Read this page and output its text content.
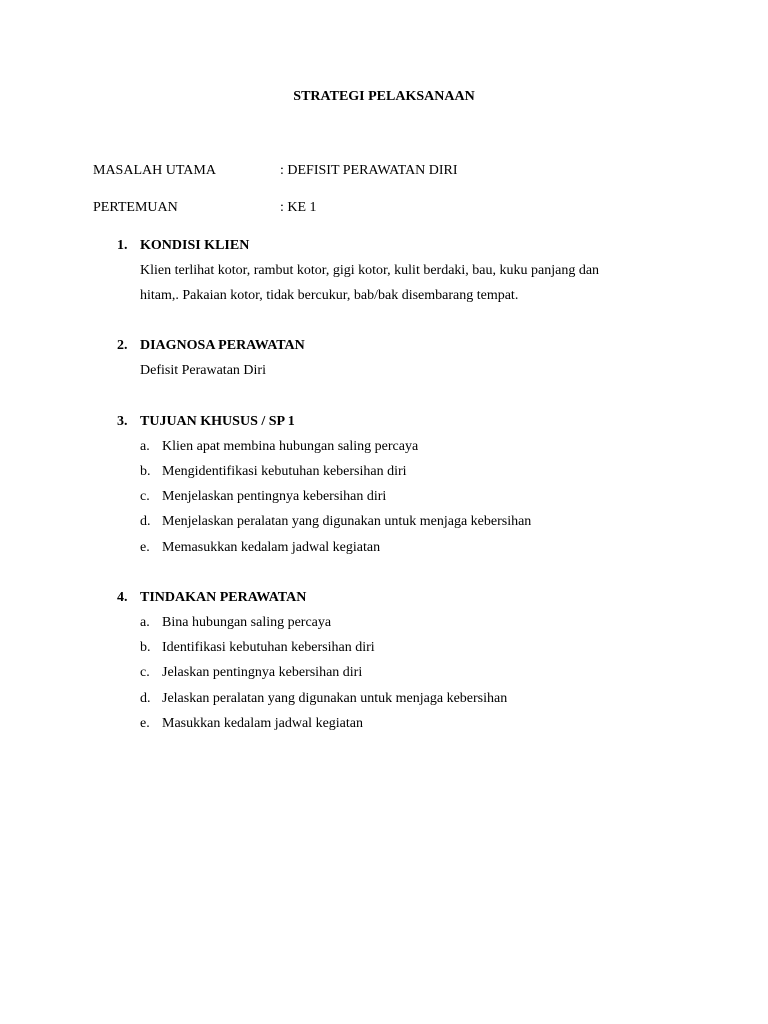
STRATEGI PELAKSANAAN
MASALAH UTAMA	: DEFISIT PERAWATAN DIRI
PERTEMUAN	: KE 1
1. KONDISI KLIEN
Klien terlihat kotor, rambut kotor, gigi kotor, kulit berdaki, bau, kuku panjang dan
hitam,. Pakaian kotor, tidak bercukur, bab/bak disembarang tempat.
2. DIAGNOSA PERAWATAN
Defisit Perawatan Diri
3. TUJUAN KHUSUS / SP 1
a. Klien apat membina hubungan saling percaya
b. Mengidentifikasi kebutuhan kebersihan diri
c. Menjelaskan pentingnya kebersihan diri
d. Menjelaskan peralatan yang digunakan untuk menjaga kebersihan
e. Memasukkan kedalam jadwal kegiatan
4. TINDAKAN PERAWATAN
a. Bina hubungan saling percaya
b. Identifikasi kebutuhan kebersihan diri
c. Jelaskan pentingnya kebersihan diri
d. Jelaskan peralatan yang digunakan untuk menjaga kebersihan
e. Masukkan kedalam jadwal kegiatan
